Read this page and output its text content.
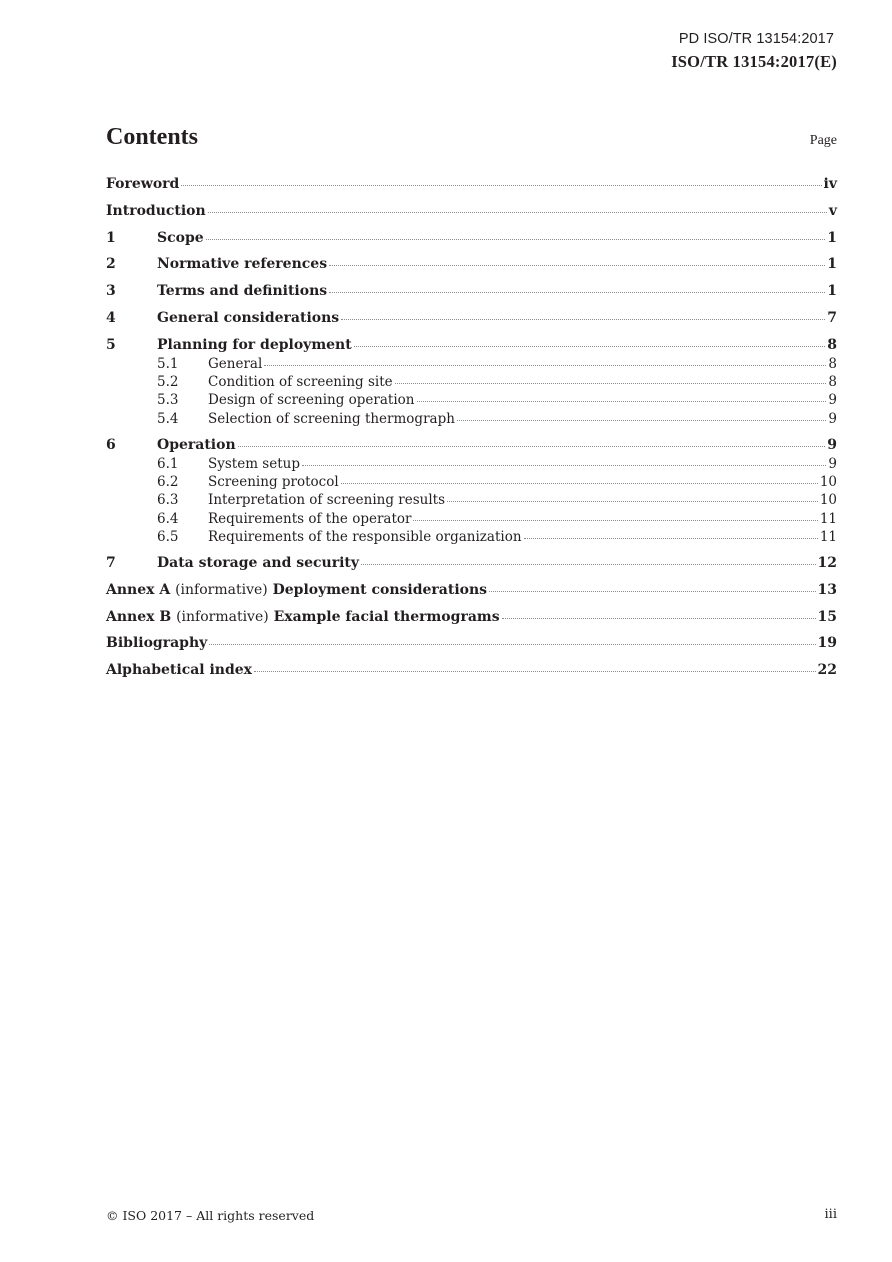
PD ISO/TR 13154:2017
ISO/TR 13154:2017(E)
Contents	Page
Foreword	iv
Introduction	v
1	Scope	1
2	Normative references	1
3	Terms and definitions	1
4	General considerations	7
5	Planning for deployment	8
5.1	General	8
5.2	Condition of screening site	8
5.3	Design of screening operation	9
5.4	Selection of screening thermograph	9
6	Operation	9
6.1	System setup	9
6.2	Screening protocol	10
6.3	Interpretation of screening results	10
6.4	Requirements of the operator	11
6.5	Requirements of the responsible organization	11
7	Data storage and security	12
Annex A (informative) Deployment considerations	13
Annex B (informative) Example facial thermograms	15
Bibliography	19
Alphabetical index	22
© ISO 2017 – All rights reserved	iii
